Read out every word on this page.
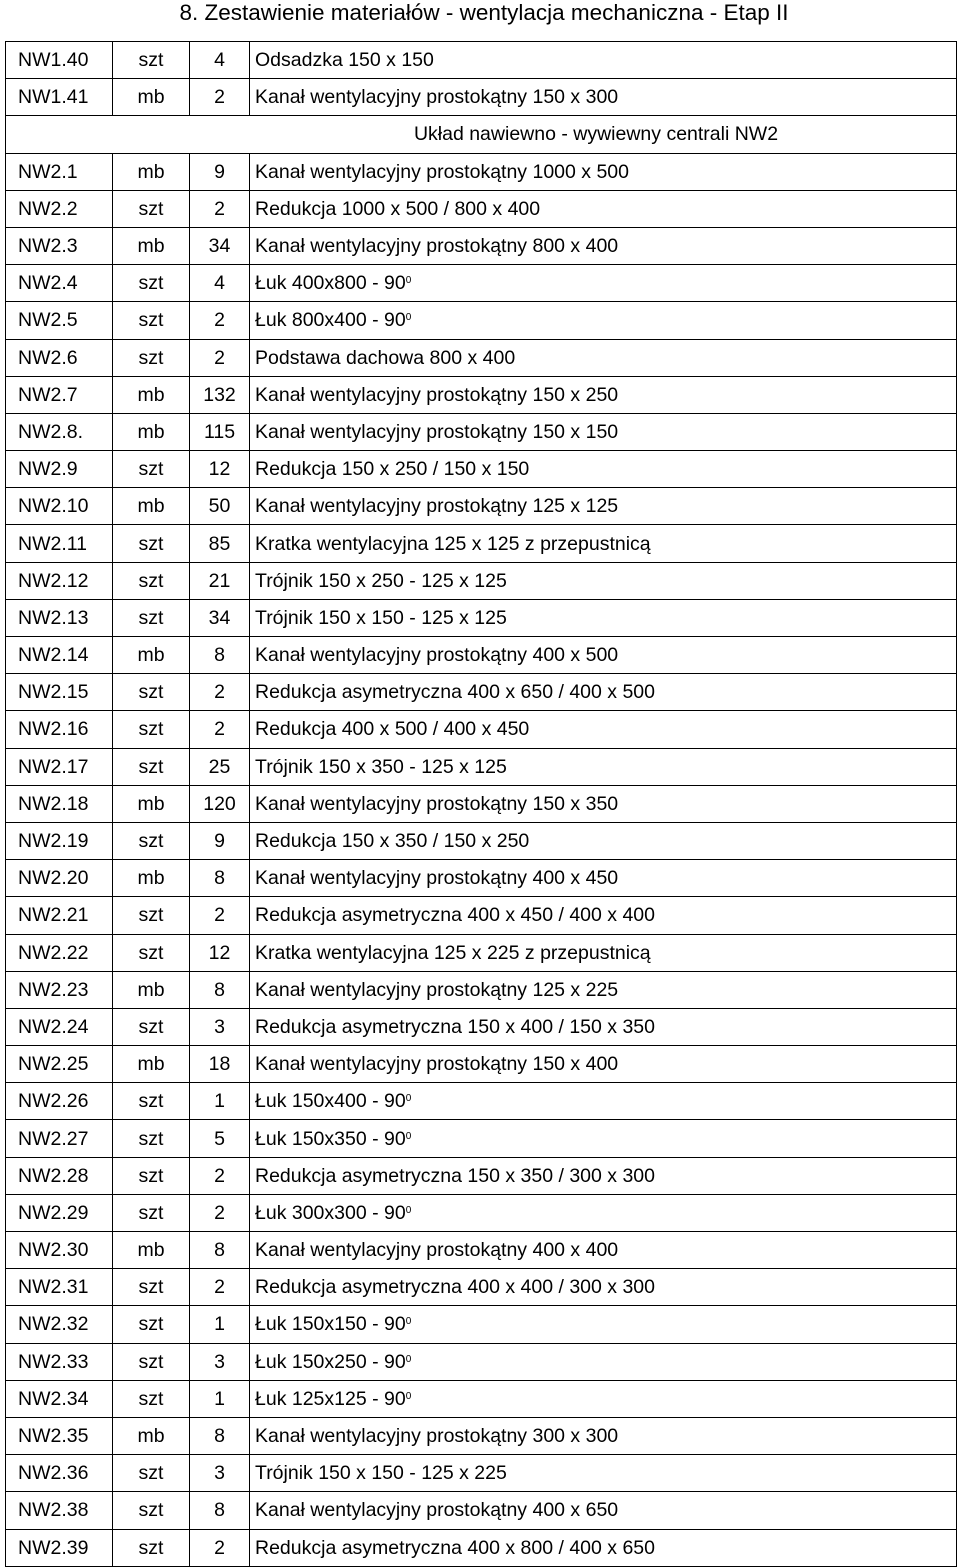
8. Zestawienie materiałów - wentylacja mechaniczna - Etap II
NW1.40	szt	4	Odsadzka 150 x 150
NW1.41	mb	2	Kanał wentylacyjny prostokątny 150 x 300
Układ nawiewno - wywiewny centrali NW2			
NW2.1	mb	9	Kanał wentylacyjny prostokątny 1000 x 500
NW2.2	szt	2	Redukcja 1000 x 500 / 800 x 400
NW2.3	mb	34	Kanał wentylacyjny prostokątny 800 x 400
NW2.4	szt	4	Łuk $400x800 - 90^0$
NW2.5	szt	2	Łuk $800x400 - 90^0$
NW2.6	szt	2	Podstawa dachowa 800 x 400
NW2.7	mb	132	Kanał wentylacyjny prostokątny 150 x 250
NW2.8.	mb	115	Kanał wentylacyjny prostokątny 150 x 150
NW2.9	szt	12	Redukcja 150 x 250 / 150 x 150
NW2.10	mb	50	Kanał wentylacyjny prostokątny 125 x 125
NW2.11	szt	85	Kratka wentylacyjna 125 x 125 z przepustnicą
NW2.12	szt	21	Trójnik 150 x 250 - 125 x 125
NW2.13	szt	34	Trójnik 150 x 150 - 125 x 125
NW2.14	mb	8	Kanał wentylacyjny prostokątny 400 x 500
NW2.15	szt	2	Redukcja asymetryczna 400 x 650 / 400 x 500
NW2.16	szt	2	Redukcja 400 x 500 / 400 x 450
NW2.17	szt	25	Trójnik 150 x 350 - 125 x 125
NW2.18	mb	120	Kanał wentylacyjny prostokątny 150 x 350
NW2.19	szt	9	Redukcja 150 x 350 / 150 x 250
NW2.20	mb	8	Kanał wentylacyjny prostokątny 400 x 450
NW2.21	szt	2	Redukcja asymetryczna 400 x 450 / 400 x 400
NW2.22	szt	12	Kratka wentylacyjna 125 x 225 z przepustnicą
NW2.23	mb	8	Kanał wentylacyjny prostokątny 125 x 225
NW2.24	szt	3	Redukcja asymetryczna 150 x 400 / 150 x 350
NW2.25	mb	18	Kanał wentylacyjny prostokątny 150 x 400
NW2.26	szt	1	Łuk $150x400 - 90^0$
NW2.27	szt	5	Łuk $150x350 - 90^0$
NW2.28	szt	2	Redukcja asymetryczna 150 x 350 / 300 x 300
NW2.29	szt	2	Łuk $300x300 - 90^0$
NW2.30	mb	8	Kanał wentylacyjny prostokątny 400 x 400
NW2.31	szt	2	Redukcja asymetryczna 400 x 400 / 300 x 300
NW2.32	szt	1	Łuk $150x150 - 90^0$
NW2.33	szt	3	Łuk $150x250 - 90^0$
NW2.34	szt	1	Łuk $125x125 - 90^0$
NW2.35	mb	8	Kanał wentylacyjny prostokątny 300 x 300
NW2.36	szt	3	Trójnik 150 x 150 - 125 x 225
NW2.38	szt	8	Kanał wentylacyjny prostokątny 400 x 650
NW2.39	szt	2	Redukcja asymetryczna 400 x 800 / 400 x 650
